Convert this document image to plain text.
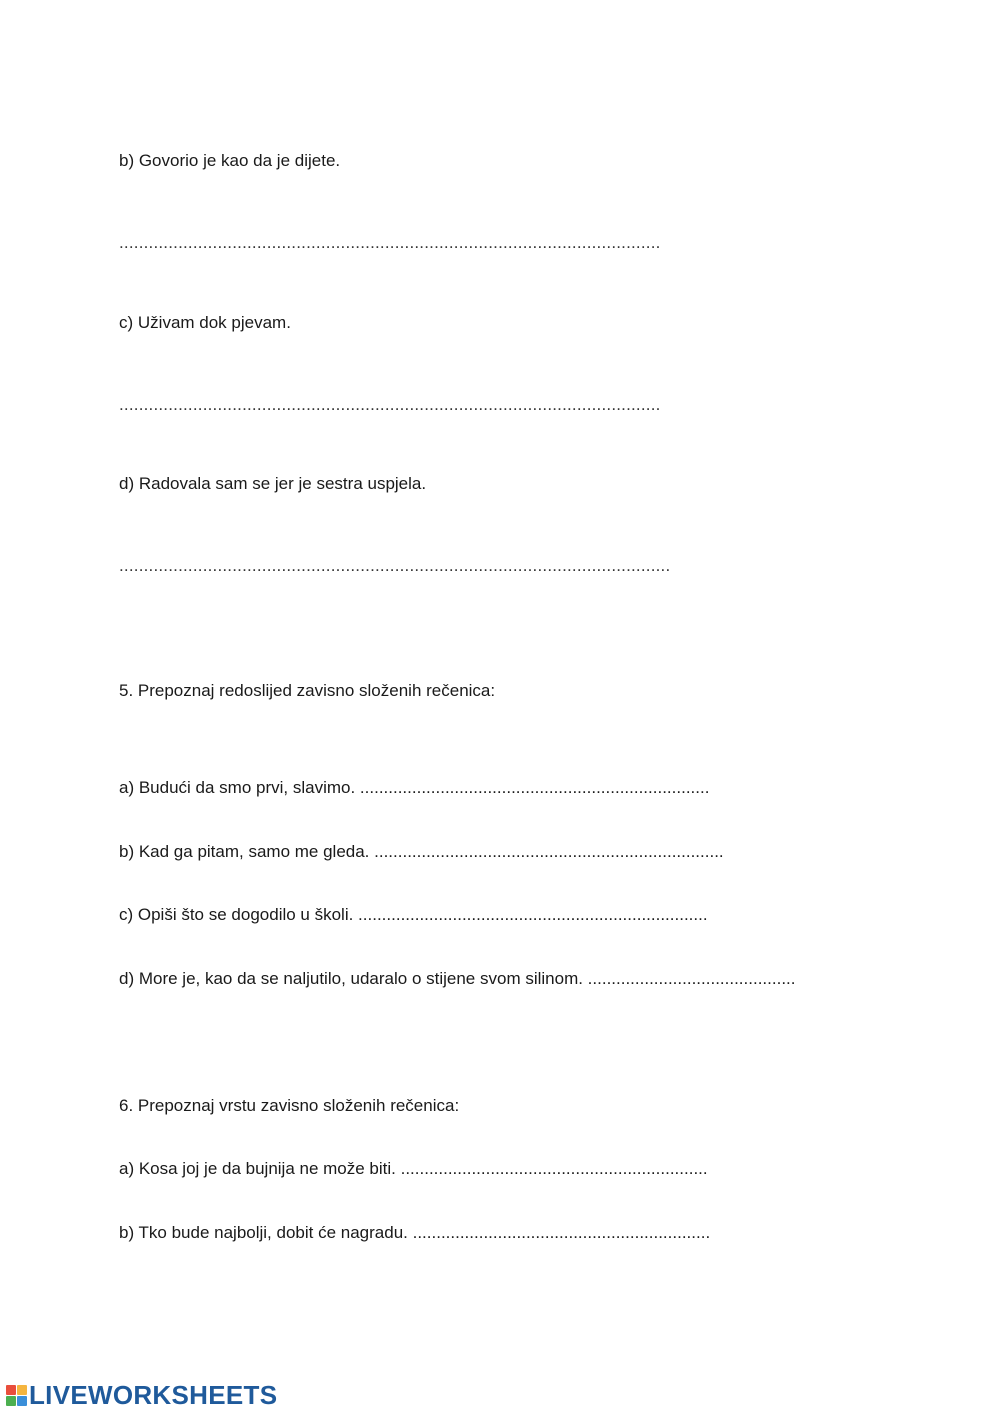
b) Govorio je kao da je dijete.
..............................................................................................................
c) Uživam dok pjevam.
..............................................................................................................
d) Radovala sam se jer je sestra uspjela.
................................................................................................................
5. Prepoznaj redoslijed zavisno složenih rečenica:
a) Budući da smo prvi, slavimo. ..........................................................................
b) Kad ga pitam, samo me gleda. ..........................................................................
c) Opiši što se dogodilo u školi. ..........................................................................
d) More je, kao da se naljutilo, udaralo o stijene svom silinom. ............................................
6. Prepoznaj vrstu zavisno složenih rečenica:
a) Kosa joj je da bujnija ne može biti. .................................................................
b) Tko bude najbolji, dobit će nagradu. ...............................................................
LIVEWORKSHEETS
